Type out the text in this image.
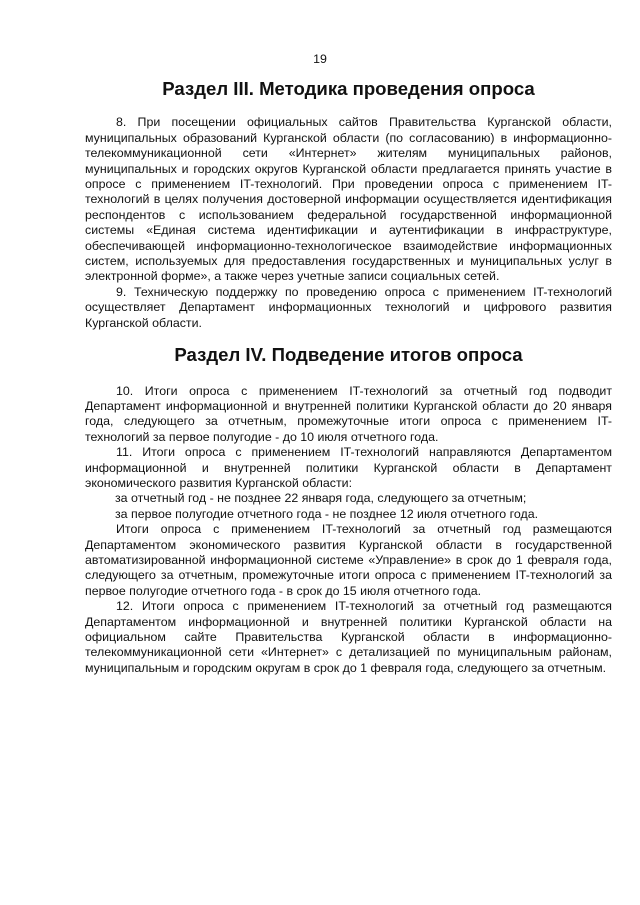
19
Раздел III. Методика проведения опроса

8. При посещении официальных сайтов Правительства Курганской области, муниципальных образований Курганской области (по согласованию) в информационно-телекоммуникационной сети «Интернет» жителям муниципальных районов, муниципальных и городских округов Курганской области предлагается принять участие в опросе с применением IT-технологий. При проведении опроса с применением IT-технологий в целях получения достоверной информации осуществляется идентификация респондентов с использованием федеральной государственной информационной системы «Единая система идентификации и аутентификации в инфраструктуре, обеспечивающей информационно-технологическое взаимодействие информационных систем, используемых для предоставления государственных и муниципальных услуг в электронной форме», а также через учетные записи социальных сетей.

9. Техническую поддержку по проведению опроса с применением IT-технологий осуществляет Департамент информационных технологий и цифрового развития Курганской области.

Раздел IV. Подведение итогов опроса

10. Итоги опроса с применением IT-технологий за отчетный год подводит Департамент информационной и внутренней политики Курганской области до 20 января года, следующего за отчетным, промежуточные итоги опроса с применением IT-технологий за первое полугодие - до 10 июля отчетного года.

11. Итоги опроса с применением IT-технологий направляются Департаментом информационной и внутренней политики Курганской области в Департамент экономического развития Курганской области:

за отчетный год - не позднее 22 января года, следующего за отчетным;

за первое полугодие отчетного года - не позднее 12 июля отчетного года.

Итоги опроса с применением IT-технологий за отчетный год размещаются Департаментом экономического развития Курганской области в государственной автоматизированной информационной системе «Управление» в срок до 1 февраля года, следующего за отчетным, промежуточные итоги опроса с применением IT-технологий за первое полугодие отчетного года - в срок до 15 июля отчетного года.

12. Итоги опроса с применением IT-технологий за отчетный год размещаются Департаментом информационной и внутренней политики Курганской области на официальном сайте Правительства Курганской области в информационно-телекоммуникационной сети «Интернет» с детализацией по муниципальным районам, муниципальным и городским округам в срок до 1 февраля года, следующего за отчетным.
